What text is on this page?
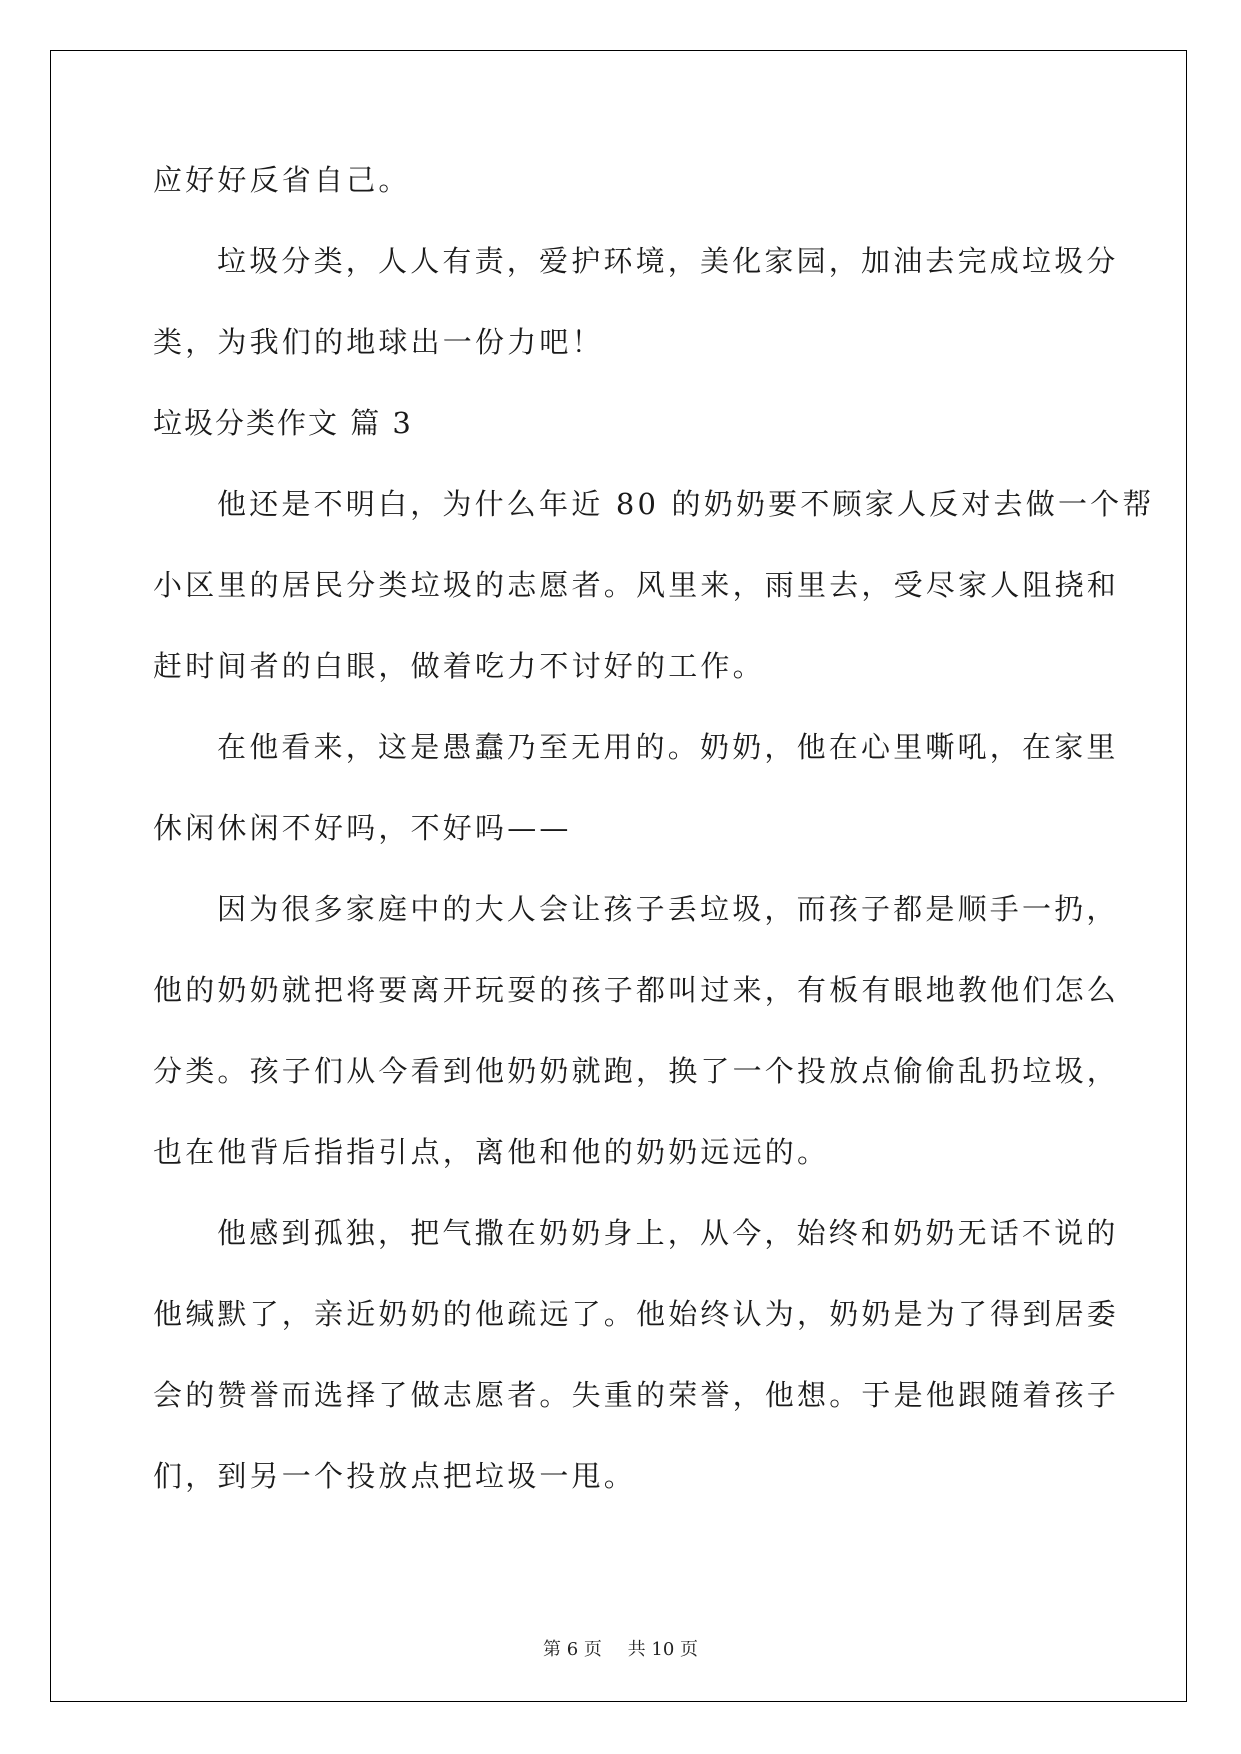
应好好反省自己。
垃圾分类，人人有责，爱护环境，美化家园，加油去完成垃圾分
类，为我们的地球出一份力吧！
垃圾分类作文 篇 3
他还是不明白，为什么年近 80 的奶奶要不顾家人反对去做一个帮
小区里的居民分类垃圾的志愿者。风里来，雨里去，受尽家人阻挠和
赶时间者的白眼，做着吃力不讨好的工作。
在他看来，这是愚蠢乃至无用的。奶奶，他在心里嘶吼，在家里
休闲休闲不好吗，不好吗——
因为很多家庭中的大人会让孩子丢垃圾，而孩子都是顺手一扔，
他的奶奶就把将要离开玩耍的孩子都叫过来，有板有眼地教他们怎么
分类。孩子们从今看到他奶奶就跑，换了一个投放点偷偷乱扔垃圾，
也在他背后指指引点，离他和他的奶奶远远的。
他感到孤独，把气撒在奶奶身上，从今，始终和奶奶无话不说的
他缄默了，亲近奶奶的他疏远了。他始终认为，奶奶是为了得到居委
会的赞誉而选择了做志愿者。失重的荣誉，他想。于是他跟随着孩子
们，到另一个投放点把垃圾一甩。
第 6 页 共 10 页
